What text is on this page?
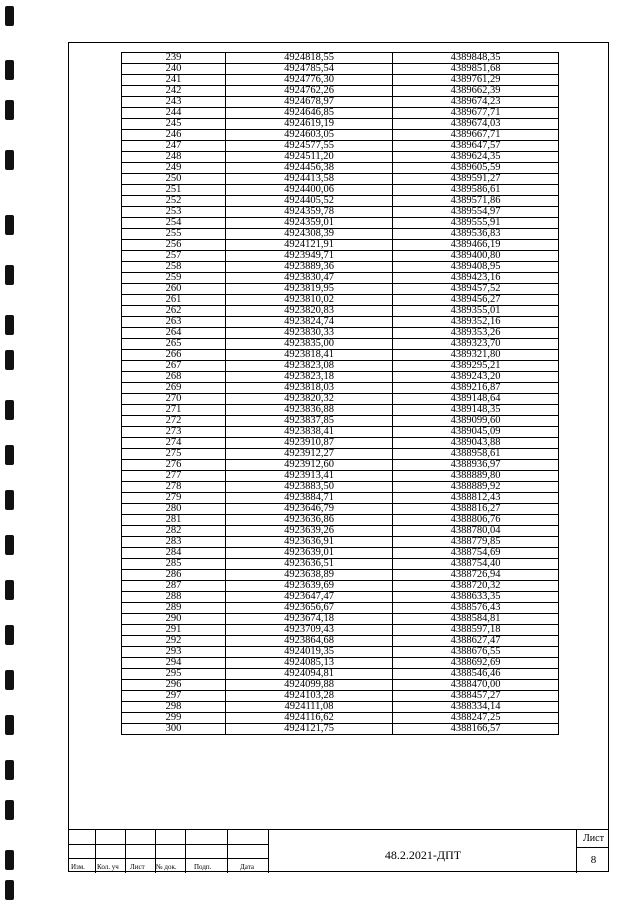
239	4924818,55	4389848,35
240	4924785,54	4389851,68
241	4924776,30	4389761,29
242	4924762,26	4389662,39
243	4924678,97	4389674,23
244	4924646,85	4389677,71
245	4924619,19	4389674,03
246	4924603,05	4389667,71
247	4924577,55	4389647,57
248	4924511,20	4389624,35
249	4924456,38	4389605,59
250	4924413,58	4389591,27
251	4924400,06	4389586,61
252	4924405,52	4389571,86
253	4924359,78	4389554,97
254	4924359,01	4389555,91
255	4924308,39	4389536,83
256	4924121,91	4389466,19
257	4923949,71	4389400,80
258	4923889,36	4389408,95
259	4923830,47	4389423,16
260	4923819,95	4389457,52
261	4923810,02	4389456,27
262	4923820,83	4389355,01
263	4923824,74	4389352,16
264	4923830,33	4389353,26
265	4923835,00	4389323,70
266	4923818,41	4389321,80
267	4923823,08	4389295,21
268	4923823,18	4389243,20
269	4923818,03	4389216,87
270	4923820,32	4389148,64
271	4923836,88	4389148,35
272	4923837,85	4389099,60
273	4923838,41	4389045,09
274	4923910,87	4389043,88
275	4923912,27	4388958,61
276	4923912,60	4388936,97
277	4923913,41	4388889,80
278	4923883,50	4388889,92
279	4923884,71	4388812,43
280	4923646,79	4388816,27
281	4923636,86	4388806,76
282	4923639,26	4388780,04
283	4923636,91	4388779,85
284	4923639,01	4388754,69
285	4923636,51	4388754,40
286	4923638,89	4388726,94
287	4923639,69	4388720,32
288	4923647,47	4388633,35
289	4923656,67	4388576,43
290	4923674,18	4388584,81
291	4923709,43	4388597,18
292	4923864,68	4388627,47
293	4924019,35	4388676,55
294	4924085,13	4388692,69
295	4924094,81	4388546,46
296	4924099,88	4388470,00
297	4924103,28	4388457,27
298	4924111,08	4388334,14
299	4924116,62	4388247,25
300	4924121,75	4388166,57
Изм. Кол. уч Лист № док. Подп.	Дата
48.2.2021-ДПТ
Лист
8
